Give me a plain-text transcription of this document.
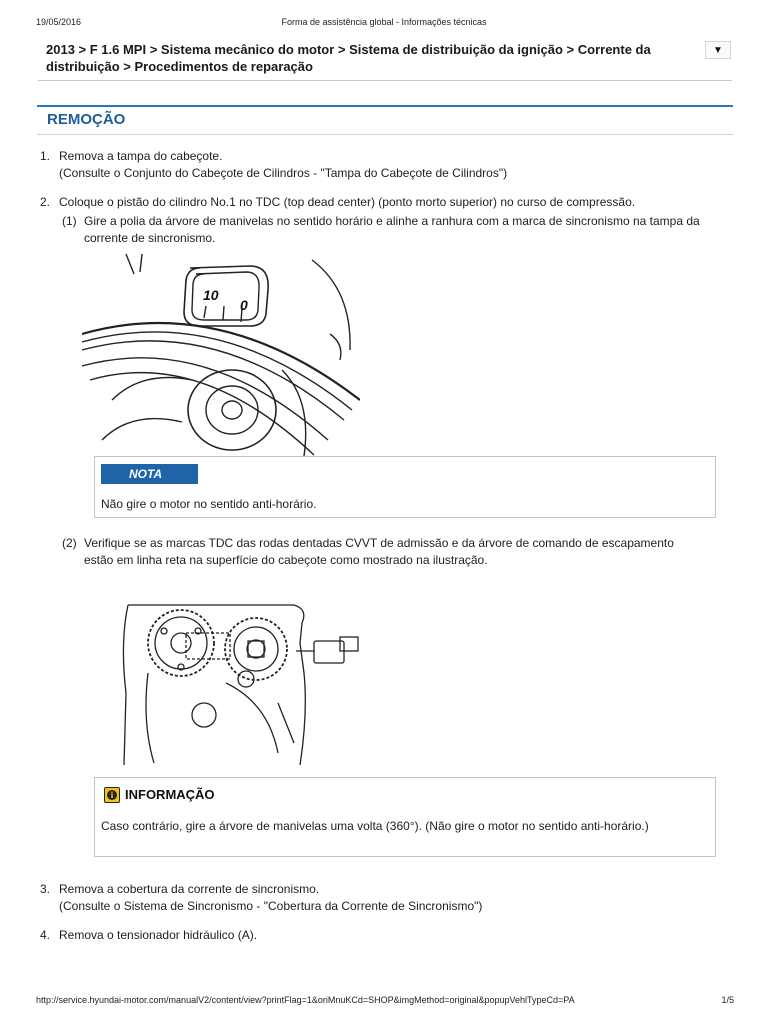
19/05/2016	Forma de assistência global - Informações técnicas
2013 > F 1.6 MPI > Sistema mecânico do motor > Sistema de distribuição da ignição > Corrente da distribuição > Procedimentos de reparação
▼
REMOÇÃO
1. Remova a tampa do cabeçote.
(Consulte o Conjunto do Cabeçote de Cilindros - "Tampa do Cabeçote de Cilindros")
2. Coloque o pistão do cilindro No.1 no TDC (top dead center) (ponto morto superior) no curso de compressão.
(1) Gire a polia da árvore de manivelas no sentido horário e alinhe a ranhura com a marca de sincronismo na tampa da corrente de sincronismo.
10
0
NOTA
Não gire o motor no sentido anti-horário.
(2) Verifique se as marcas TDC das rodas dentadas CVVT de admissão e da árvore de comando de escapamento estão em linha reta na superfície do cabeçote como mostrado na ilustração.
i INFORMAÇÃO
Caso contrário, gire a árvore de manivelas uma volta (360°). (Não gire o motor no sentido anti-horário.)
3. Remova a cobertura da corrente de sincronismo.
(Consulte o Sistema de Sincronismo - "Cobertura da Corrente de Sincronismo")
4. Remova o tensionador hidráulico (A).
http://service.hyundai-motor.com/manualV2/content/view?printFlag=1&oriMnuKCd=SHOP&imgMethod=original&popupVehlTypeCd=PA	1/5
